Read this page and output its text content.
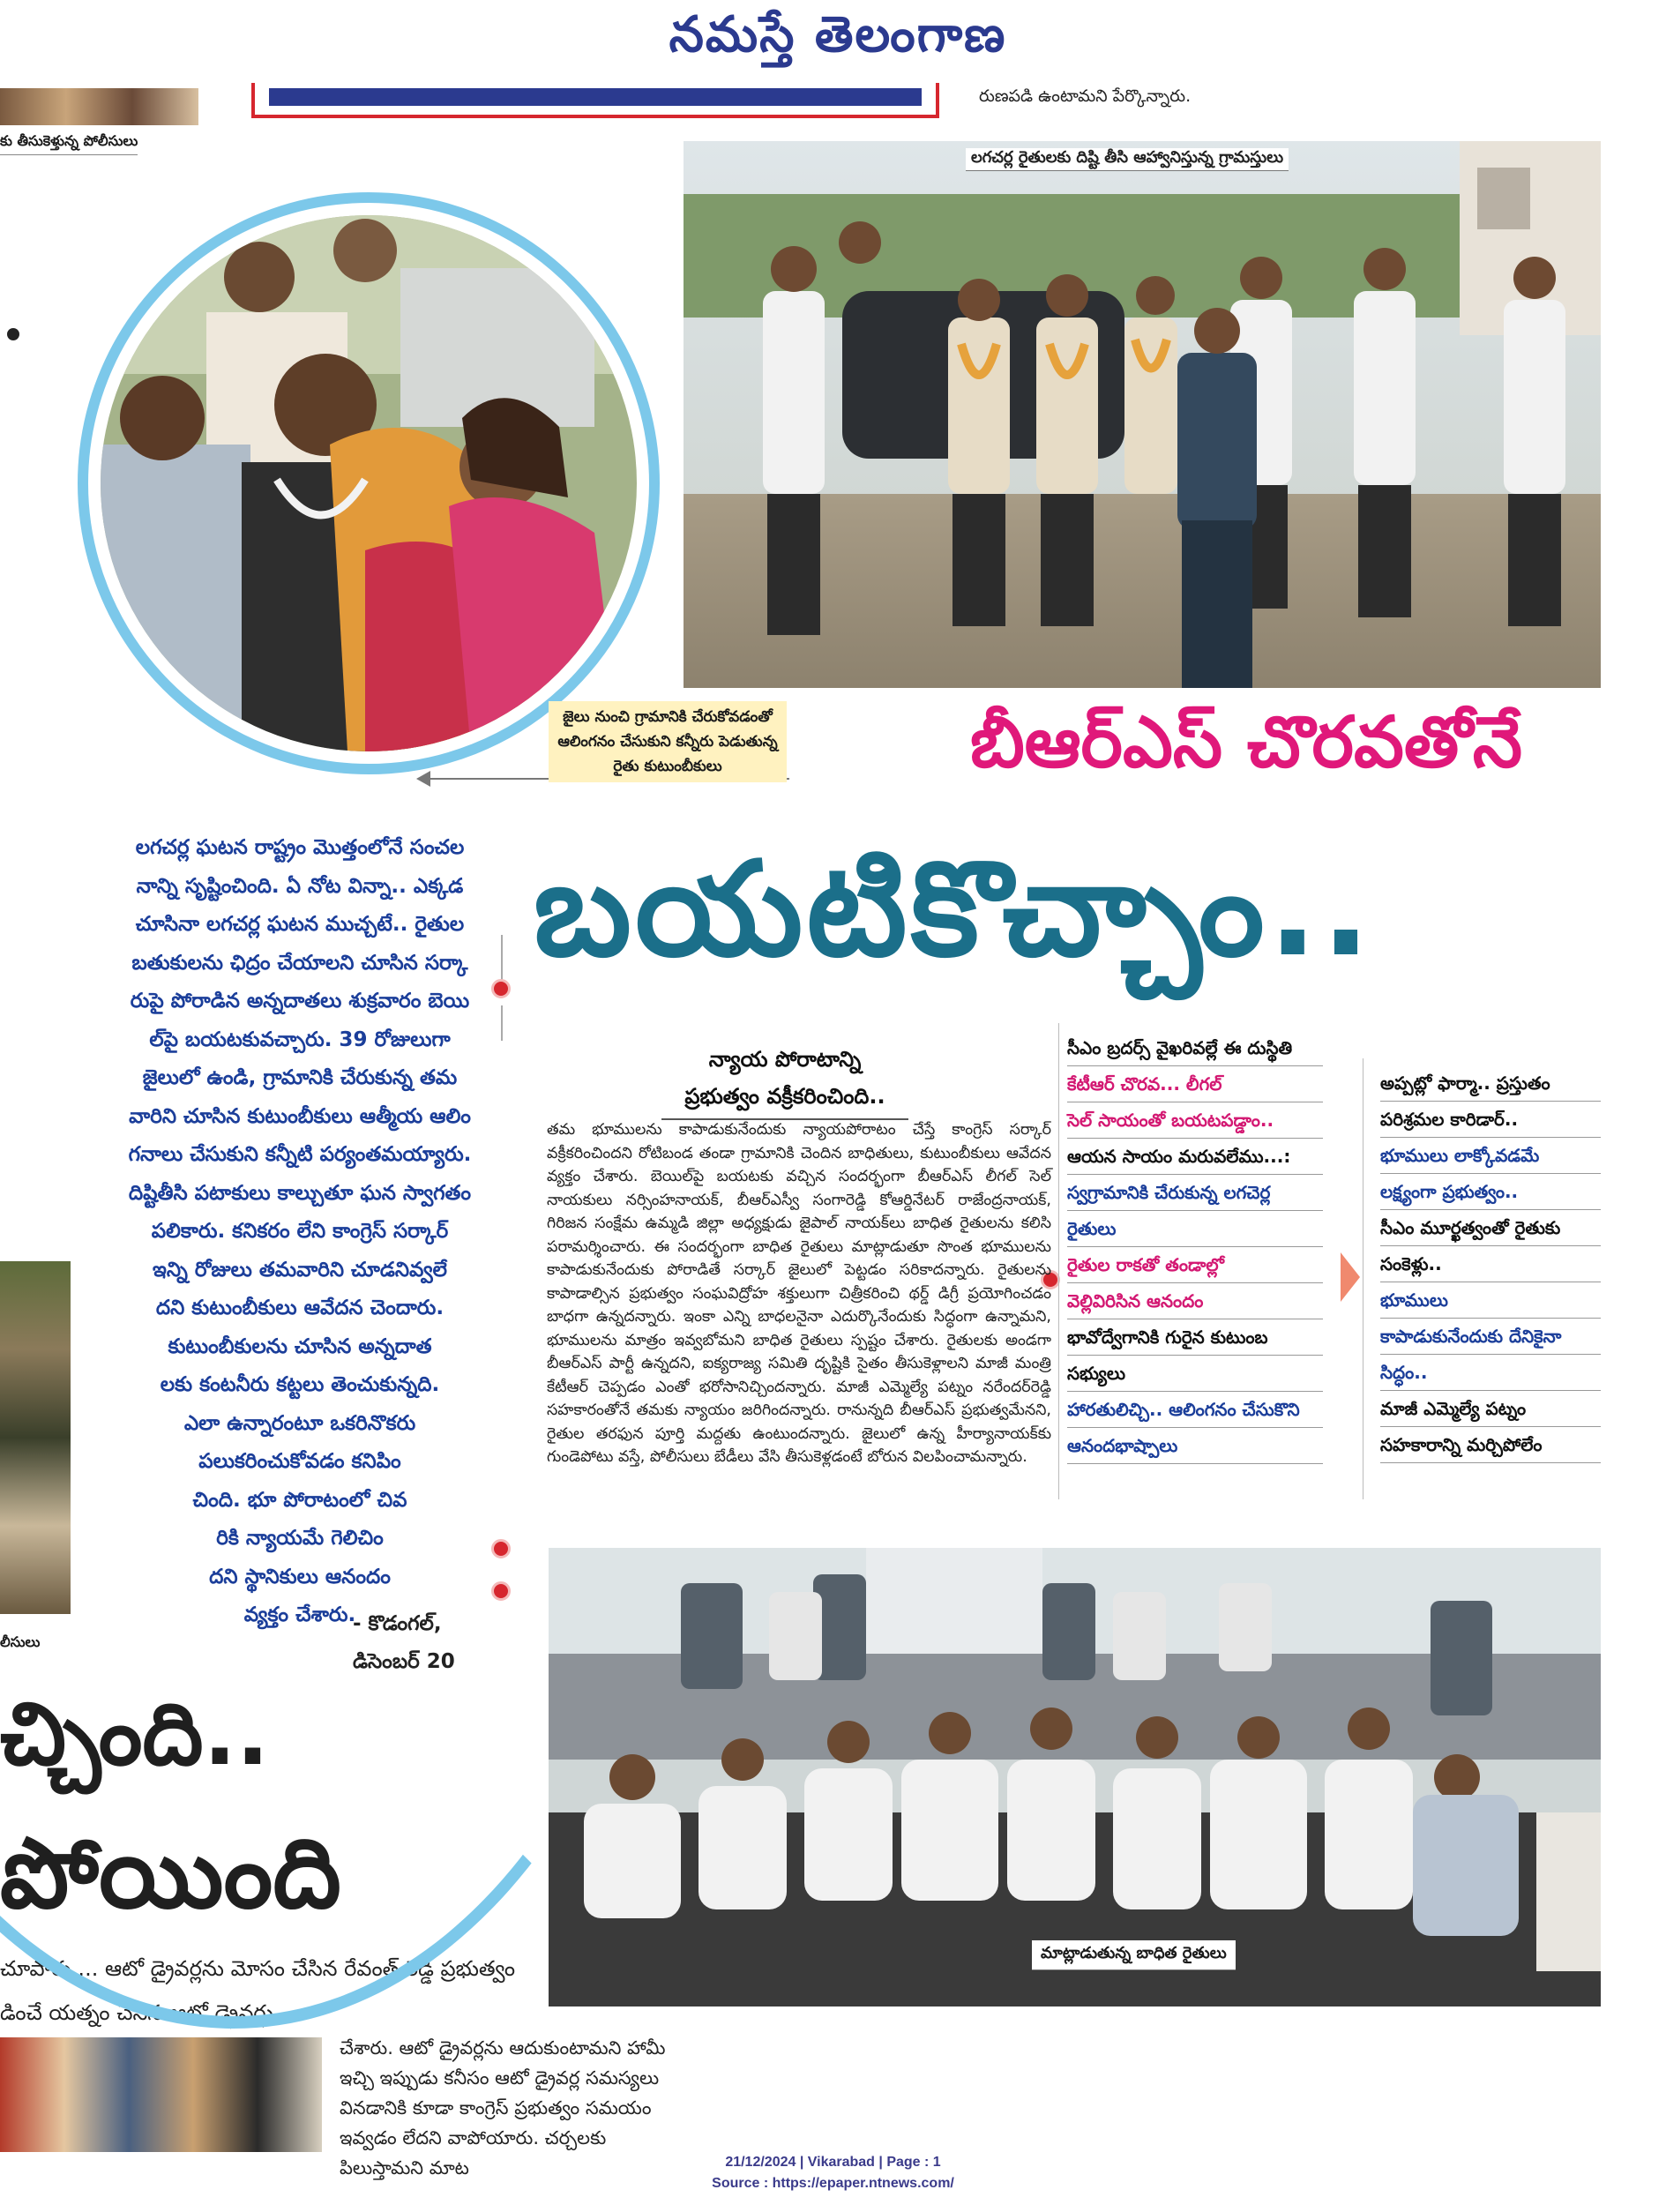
నమస్తే తెలంగాణ
రుణపడి ఉంటామని పేర్కొన్నారు.
కు తీసుకెళ్తున్న పోలీసులు
లీసులు
చ్చింది..
పోయింది
చూపారు ... ఆటో డ్రైవర్లను మోసం చేసిన రేవంత్ రెడ్డి ప్రభుత్వం
డించే యత్నం చేసిన ఆటో డ్రైవర్లు
చేశారు. ఆటో డ్రైవర్లను ఆదుకుంటామని హామీ ఇచ్చి ఇప్పుడు కనీసం ఆటో డ్రైవర్ల సమస్యలు వినడానికి కూడా కాంగ్రెస్ ప్రభుత్వం సమయం ఇవ్వడం లేదని వాపోయారు. చర్చలకు పిలుస్తామని మాట
లగచర్ల రైతులకు దిష్టి తీసి ఆహ్వానిస్తున్న గ్రామస్తులు
జైలు నుంచి గ్రామానికి చేరుకోవడంతో ఆలింగనం చేసుకుని కన్నీరు పెడుతున్న రైతు కుటుంబీకులు	బీఆర్ఎస్ చొరవతోనే
బయటికొచ్చాం..

లగచర్ల ఘటన రాష్ట్రం మొత్తంలోనే సంచల

నాన్ని సృష్టించింది. ఏ నోట విన్నా.. ఎక్కడ

చూసినా లగచర్ల ఘటన ముచ్చటే.. రైతుల

బతుకులను ఛిద్రం చేయాలని చూసిన సర్కా

రుపై పోరాడిన అన్నదాతలు శుక్రవారం బెయి

ల్‌పై బయటకువచ్చారు. 39 రోజులుగా

జైలులో ఉండి, గ్రామానికి చేరుకున్న తమ

వారిని చూసిన కుటుంబీకులు ఆత్మీయ ఆలిం

గనాలు చేసుకుని కన్నీటి పర్యంతమయ్యారు.

దిష్టితీసి పటాకులు కాల్చుతూ ఘన స్వాగతం

పలికారు. కనికరం లేని కాంగ్రెస్ సర్కార్

ఇన్ని రోజులు తమవారిని చూడనివ్వలే

దని కుటుంబీకులు ఆవేదన చెందారు.

కుటుంబీకులను చూసిన అన్నదాత

లకు కంటనీరు కట్టలు తెంచుకున్నది.

ఎలా ఉన్నారంటూ ఒకరినొకరు

పలుకరించుకోవడం కనిపిం

చింది. భూ పోరాటంలో చివ

రికి న్యాయమే గెలిచిం

దని స్థానికులు ఆనందం

వ్యక్తం చేశారు.

- కొడంగల్,
డిసెంబర్ 20
న్యాయ పోరాటాన్ని
ప్రభుత్వం వక్రీకరించింది..
తమ భూములను కాపాడుకునేందుకు న్యాయపోరాటం చేస్తే కాంగ్రెస్ సర్కార్ వక్రీకరించిందని రోటిబండ తండా గ్రామానికి చెందిన బాధితులు, కుటుంబీకులు ఆవేదన వ్యక్తం చేశారు. బెయిల్‌పై బయటకు వచ్చిన సందర్భంగా బీఆర్ఎస్ లీగల్ సెల్ నాయకులు నర్సింహనాయక్, బీఆర్ఎస్వీ సంగారెడ్డి కోఆర్డినేటర్ రాజేంద్రనాయక్, గిరిజన సంక్షేమ ఉమ్మడి జిల్లా అధ్యక్షుడు జైపాల్ నాయక్‌లు బాధిత రైతులను కలిసి పరామర్శించారు. ఈ సందర్భంగా బాధిత రైతులు మాట్లాడుతూ సొంత భూములను కాపాడుకునేందుకు పోరాడితే సర్కార్ జైలులో పెట్టడం సరికాదన్నారు. రైతులను కాపాడాల్సిన ప్రభుత్వం సంఘవిద్రోహ శక్తులుగా చిత్రీకరించి థర్డ్ డిగ్రీ ప్రయోగించడం బాధగా ఉన్నదన్నారు. ఇంకా ఎన్ని బాధలనైనా ఎదుర్కొనేందుకు సిద్ధంగా ఉన్నామని, భూములను మాత్రం ఇవ్వబోమని బాధిత రైతులు స్పష్టం చేశారు. రైతులకు అండగా బీఆర్ఎస్ పార్టీ ఉన్నదని, ఐక్యరాజ్య సమితి దృష్టికి సైతం తీసుకెళ్లాలని మాజీ మంత్రి కేటీఆర్ చెప్పడం ఎంతో భరోసానిచ్చిందన్నారు. మాజీ ఎమ్మెల్యే పట్నం నరేందర్‌రెడ్డి సహకారంతోనే తమకు న్యాయం జరిగిందన్నారు. రానున్నది బీఆర్ఎస్ ప్రభుత్వమేనని, రైతుల తరఫున పూర్తి మద్దతు ఉంటుందన్నారు. జైలులో ఉన్న హీర్యానాయక్‌కు గుండెపోటు వస్తే, పోలీసులు బేడీలు వేసి తీసుకెళ్లడంటే బోరున విలపించామన్నారు.
సీఎం బ్రదర్స్ వైఖరివల్లే ఈ దుస్థితి
కేటీఆర్ చొరవ... లీగల్
సెల్ సాయంతో బయటపడ్డాం..
ఆయన సాయం మరువలేము...:
స్వగ్రామానికి చేరుకున్న లగచెర్ల
రైతులు
రైతుల రాకతో తండాల్లో
వెల్లివిరిసిన ఆనందం
భావోద్వేగానికి గురైన కుటుంబ
సభ్యులు
హారతులిచ్చి.. ఆలింగనం చేసుకొని
ఆనందభాష్పాలు
అప్పట్లో ఫార్మా.. ప్రస్తుతం
పరిశ్రమల కారిడార్..
భూములు లాక్కోవడమే
లక్ష్యంగా ప్రభుత్వం..
సీఎం మూర్ఖత్వంతో రైతుకు
సంకెళ్లు..
భూములు
కాపాడుకునేందుకు దేనికైనా
సిద్ధం..
మాజీ ఎమ్మెల్యే పట్నం
సహకారాన్ని మర్చిపోలేం
మాట్లాడుతున్న బాధిత రైతులు

21/12/2024 | Vikarabad | Page : 1
Source : https://epaper.ntnews.com/
